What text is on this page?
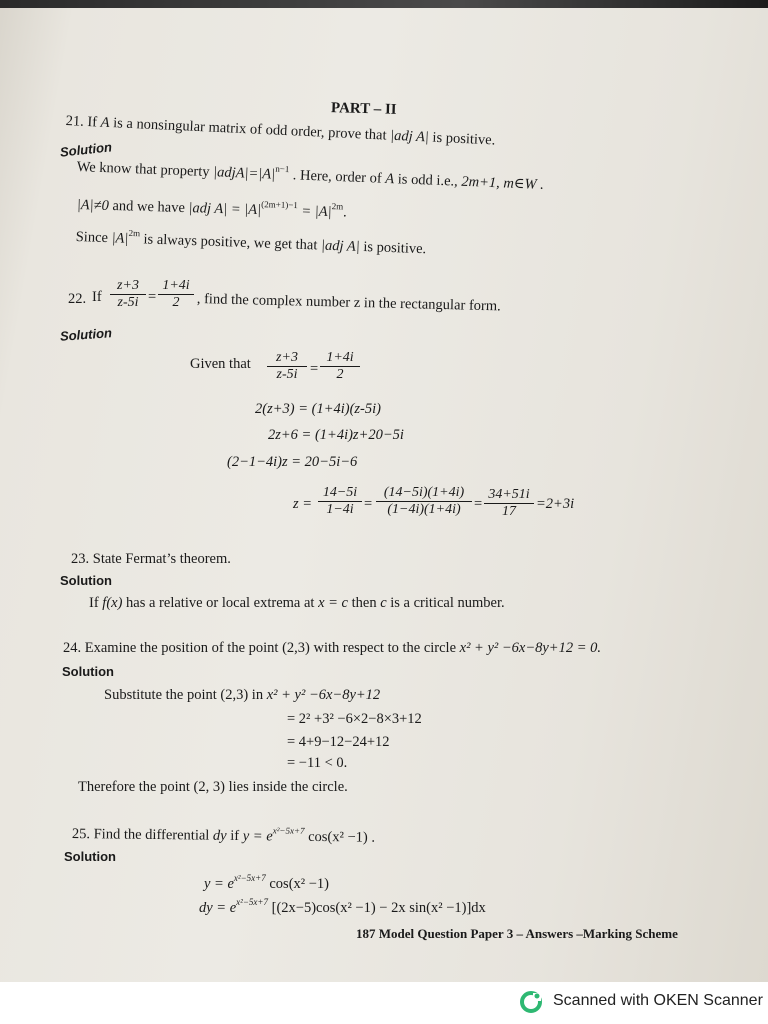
PART – II
21. If A is a nonsingular matrix of odd order, prove that |adj A| is positive.
Solution
We know that property $|adjA|=|A|^{n-1}$ . Here, order of A is odd i.e., 2m+1, m∈W .
|A|≠0 and we have |adj $A| = |A|^{(2m+1)-1} = |A|^{2m}$.
Since $|A|^{2m}$ is always positive, we get that |adj A| is positive.
22. If $\frac{z+3}{z-5i} = \frac{1+4i}{2}$ , find the complex number z in the rectangular form.
Solution
Given that $\frac{z+3}{z-5i} = \frac{1+4i}{2}$
2(z+3) = (1+4i)(z-5i)
2z+6 = (1+4i)z+20−5i
(2−1−4i)z = 20−5i−6
$z = \frac{14-5i}{1-4i} = \frac{(14-5i)(1+4i)}{(1-4i)(1+4i)} = \frac{34+51i}{17} =2+3i$
23. State Fermat’s theorem.
Solution
If f(x) has a relative or local extrema at x = c then c is a critical number.
24. Examine the position of the point (2,3) with respect to the circle x² + y² −6x−8y+12 = 0.
Solution
Substitute the point (2,3) in x² + y² −6x−8y+12
= 2² +3² −6×2−8×3+12
= 4+9−12−24+12
= −11 < 0.
Therefore the point (2, 3) lies inside the circle.
25. Find the differential dy if $y = e^{x^2-5x+7}$ cos(x² −1) .
Solution
$y = e^{x^2-5x+7}$ cos(x² −1)
dy = $e^{x^2-5x+7}$ [(2x−5)cos(x² −1) − 2x sin(x² −1)]dx
187 Model Question Paper 3 – Answers –Marking Scheme
Scanned with OKEN Scanner
